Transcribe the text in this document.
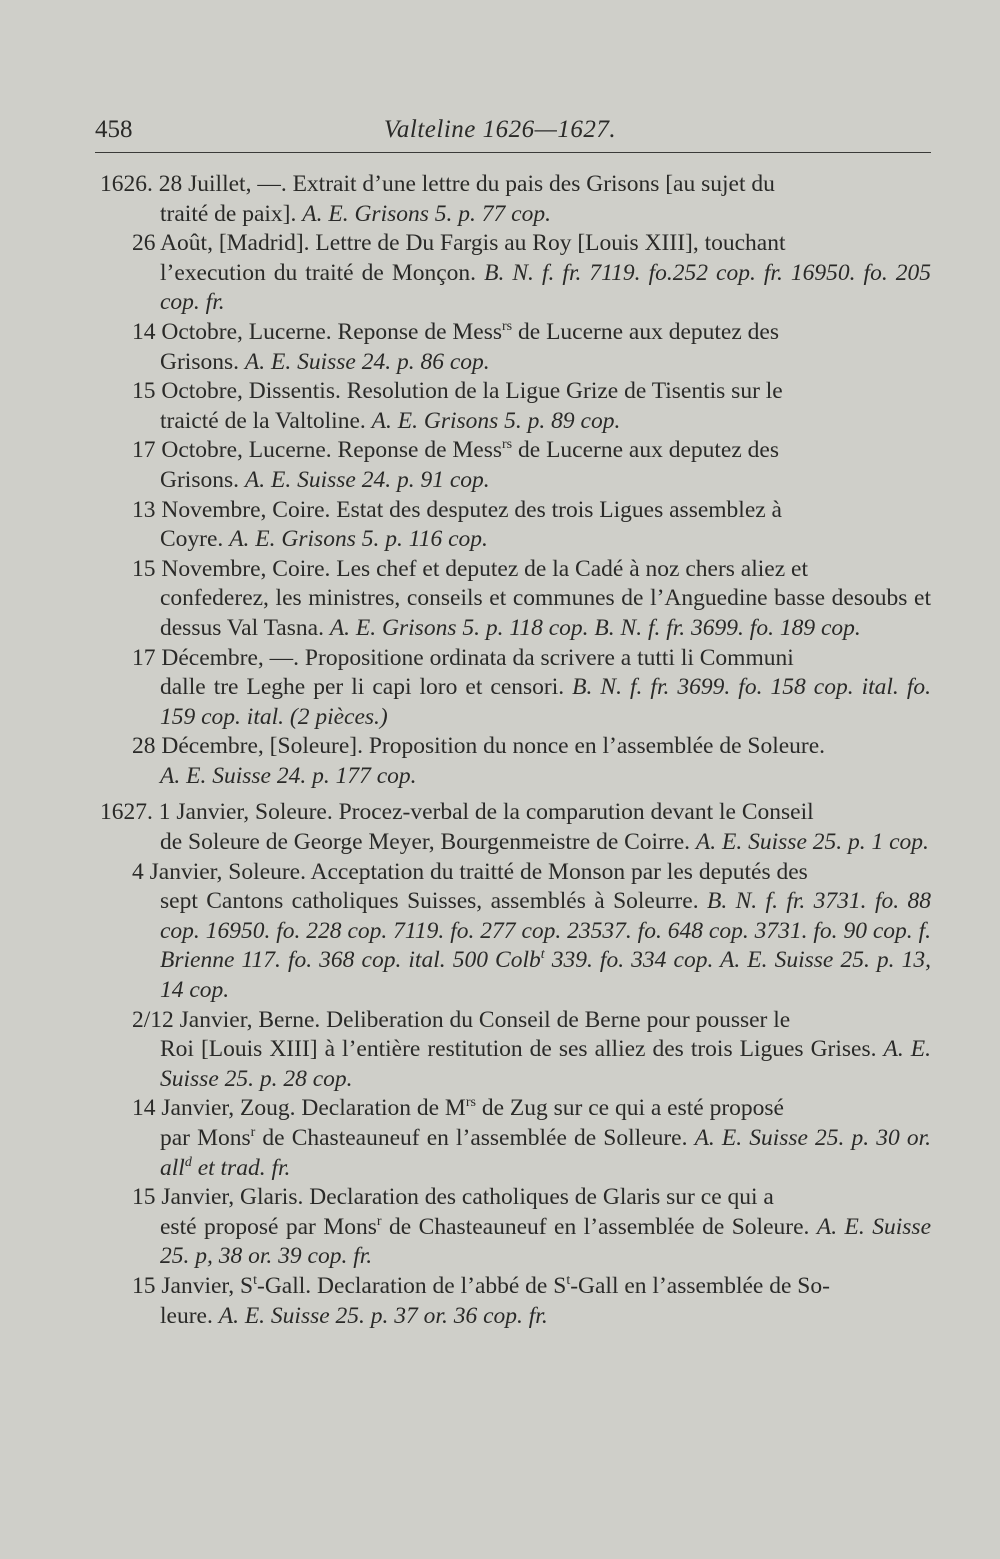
458	Valteline 1626—1627.

1626. 28 Juillet, —. Extrait d’une lettre du pais des Grisons [au sujet du
traité de paix]. A. E. Grisons 5. p. 77 cop.

26 Août, [Madrid]. Lettre de Du Fargis au Roy [Louis XIII], touchant
l’execution du traité de Monçon. B. N. f. fr. 7119. fo.252 cop. fr. 16950. fo. 205 cop. fr.

14 Octobre, Lucerne. Reponse de Mess$^{rs}$ de Lucerne aux deputez des
Grisons. A. E. Suisse 24. p. 86 cop.

15 Octobre, Dissentis. Resolution de la Ligue Grize de Tisentis sur le
traicté de la Valtoline. A. E. Grisons 5. p. 89 cop.

17 Octobre, Lucerne. Reponse de Mess$^{rs}$ de Lucerne aux deputez des
Grisons. A. E. Suisse 24. p. 91 cop.

13 Novembre, Coire. Estat des desputez des trois Ligues assemblez à
Coyre. A. E. Grisons 5. p. 116 cop.

15 Novembre, Coire. Les chef et deputez de la Cadé à noz chers aliez et
confederez, les ministres, conseils et communes de l’Anguedine basse desoubs et dessus Val Tasna. A. E. Grisons 5. p. 118 cop. B. N. f. fr. 3699. fo. 189 cop.

17 Décembre, —. Propositione ordinata da scrivere a tutti li Communi
dalle tre Leghe per li capi loro et censori. B. N. f. fr. 3699. fo. 158 cop. ital. fo. 159 cop. ital. (2 pièces.)

28 Décembre, [Soleure]. Proposition du nonce en l’assemblée de Soleure.
A. E. Suisse 24. p. 177 cop.

1627. 1 Janvier, Soleure. Procez-verbal de la comparution devant le Conseil
de Soleure de George Meyer, Bourgenmeistre de Coirre. A. E. Suisse 25. p. 1 cop.

4 Janvier, Soleure. Acceptation du traitté de Monson par les deputés des
sept Cantons catholiques Suisses, assemblés à Soleurre. B. N. f. fr. 3731. fo. 88 cop. 16950. fo. 228 cop. 7119. fo. 277 cop. 23537. fo. 648 cop. 3731. fo. 90 cop. f. Brienne 117. fo. 368 cop. ital. 500 Colb$^t$ 339. fo. 334 cop. A. E. Suisse 25. p. 13, 14 cop.

2/12 Janvier, Berne. Deliberation du Conseil de Berne pour pousser le
Roi [Louis XIII] à l’entière restitution de ses alliez des trois Ligues Grises. A. E. Suisse 25. p. 28 cop.

14 Janvier, Zoug. Declaration de $M^{rs}$ de Zug sur ce qui a esté proposé
par Mons$^r$ de Chasteauneuf en l’assemblée de Solleure. A. E. Suisse 25. p. 30 or. all$^d$ et trad. fr.

15 Janvier, Glaris. Declaration des catholiques de Glaris sur ce qui a
esté proposé par Mons$^r$ de Chasteauneuf en l’assemblée de Soleure. A. E. Suisse 25. p, 38 or. 39 cop. fr.

15 Janvier, $S^t$-Gall. Declaration de l’abbé de $S^t$-Gall en l’assemblée de So-
leure. A. E. Suisse 25. p. 37 or. 36 cop. fr.
